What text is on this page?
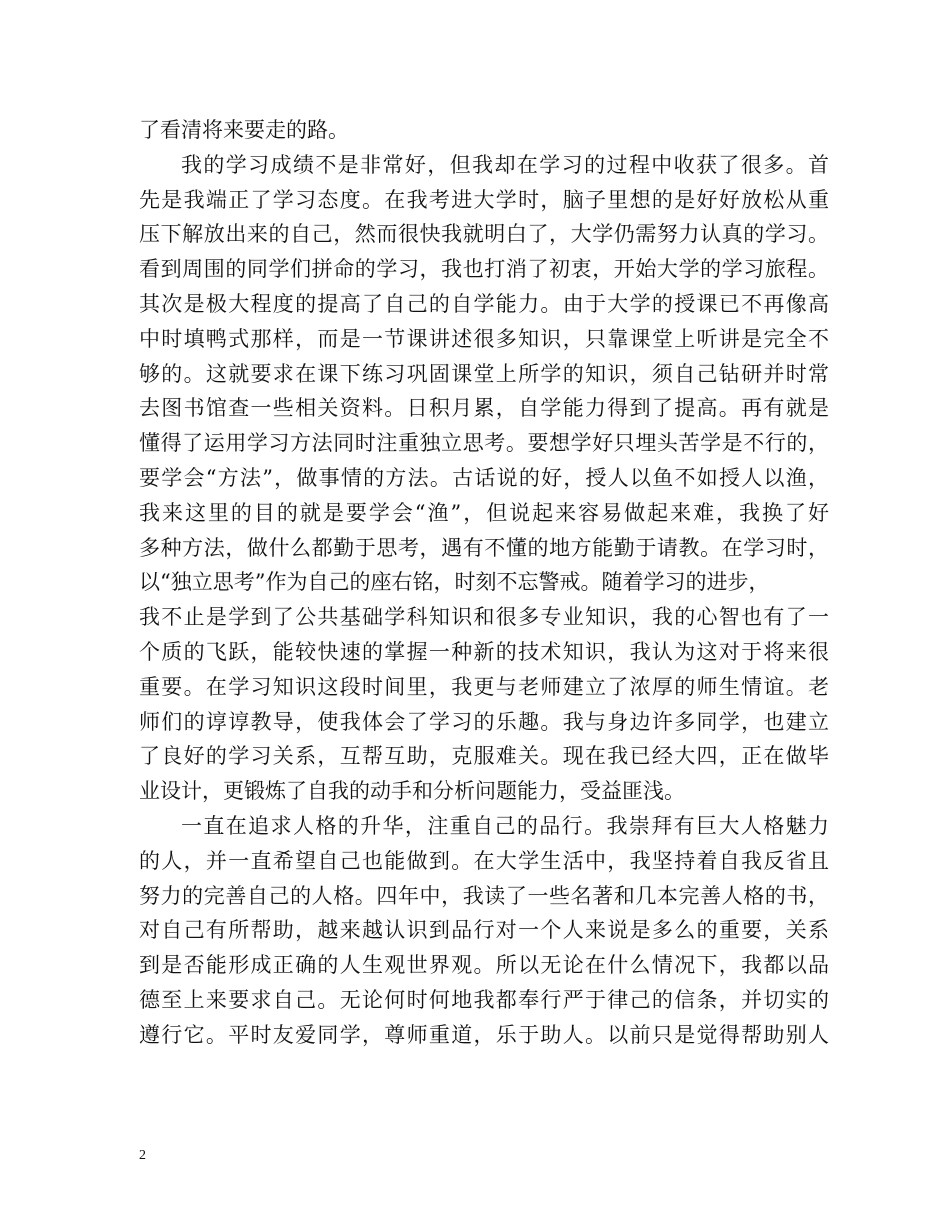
了看清将来要走的路。
我的学习成绩不是非常好，但我却在学习的过程中收获了很多。首
先是我端正了学习态度。在我考进大学时，脑子里想的是好好放松从重
压下解放出来的自己，然而很快我就明白了，大学仍需努力认真的学习。
看到周围的同学们拼命的学习，我也打消了初衷，开始大学的学习旅程。
其次是极大程度的提高了自己的自学能力。由于大学的授课已不再像高
中时填鸭式那样，而是一节课讲述很多知识，只靠课堂上听讲是完全不
够的。这就要求在课下练习巩固课堂上所学的知识，须自己钻研并时常
去图书馆查一些相关资料。日积月累，自学能力得到了提高。再有就是
懂得了运用学习方法同时注重独立思考。要想学好只埋头苦学是不行的，
要学会“方法”，做事情的方法。古话说的好，授人以鱼不如授人以渔，
我来这里的目的就是要学会“渔”，但说起来容易做起来难，我换了好
多种方法，做什么都勤于思考，遇有不懂的地方能勤于请教。在学习时，
以“独立思考”作为自己的座右铭，时刻不忘警戒。随着学习的进步，
我不止是学到了公共基础学科知识和很多专业知识，我的心智也有了一
个质的飞跃，能较快速的掌握一种新的技术知识，我认为这对于将来很
重要。在学习知识这段时间里，我更与老师建立了浓厚的师生情谊。老
师们的谆谆教导，使我体会了学习的乐趣。我与身边许多同学，也建立
了良好的学习关系，互帮互助，克服难关。现在我已经大四，正在做毕
业设计，更锻炼了自我的动手和分析问题能力，受益匪浅。
一直在追求人格的升华，注重自己的品行。我崇拜有巨大人格魅力
的人，并一直希望自己也能做到。在大学生活中，我坚持着自我反省且
努力的完善自己的人格。四年中，我读了一些名著和几本完善人格的书，
对自己有所帮助，越来越认识到品行对一个人来说是多么的重要，关系
到是否能形成正确的人生观世界观。所以无论在什么情况下，我都以品
德至上来要求自己。无论何时何地我都奉行严于律己的信条，并切实的
遵行它。平时友爱同学，尊师重道，乐于助人。以前只是觉得帮助别人
2
